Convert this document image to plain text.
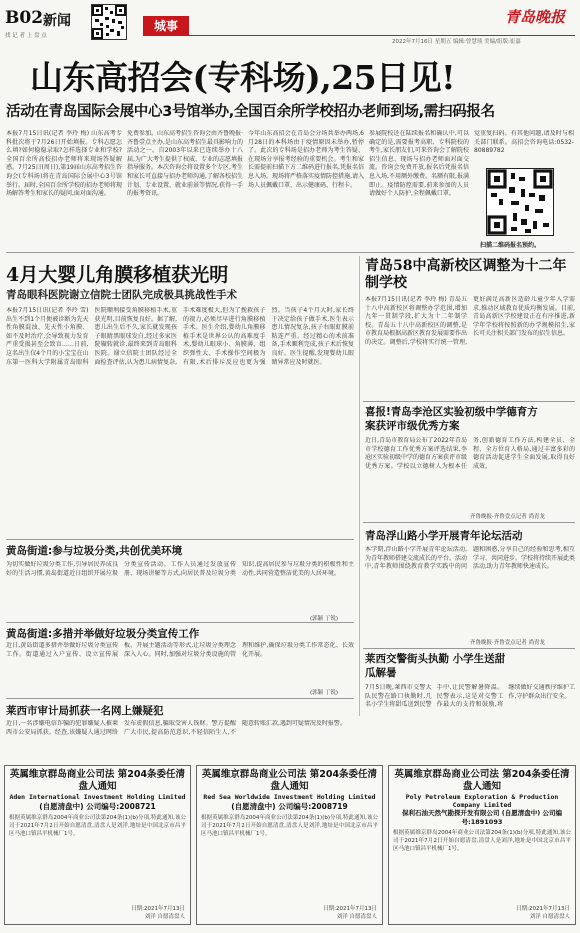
B02 新闻
找 记 者 上 盘 点
城事	青岛晚报
2022年7月16日 星期五 编辑:曾慧琰 美编/组版:崔嘉
山东高招会(专科场),25日见!
活动在青岛国际会展中心3号馆举办,全国百余所学校招办老师到场,需扫码报名
本报7月15日讯(记者 李玲 梅) 山东高考专科批次将于7月26日开始填报。专科志愿怎么填?如何稳稳录取?怎样选择专业和学校?全国百余所高校招办老师将来现场答疑解惑。7月25日(周日),第19届山东高考招生咨询会(专科场)将在青岛国际会展中心3号馆举行。届时,全国百余所学校的招办老师将现场解答考生和家长的疑问,面对面沟通。
免费参加。山东高考招生咨询会由齐鲁晚报·齐鲁壹点主办,是山东高考招生最具影响力的活动之一。自2003年以来已连续举办十八届,为广大考生提供了权威、专业的志愿填报指导服务。本次咨询会将设置多个专区,考生和家长可直接与招办老师沟通,了解各校招生计划、专业设置、就业前景等情况,获得一手的报考资讯。
今年山东高招会在青岛会分场共举办两场,6月28日的本科场由于疫情原因未举办,暂停了。此次的专科场是招办老师为考生答疑、在现场分享报考经验的重要机会。考生和家长需提前扫描下方二维码进行报名,凭报名信息入场。现场将严格落实疫情防控措施,请入场人员佩戴口罩、出示健康码、行程卡。
参展院校还在陆续报名和确认中,可以确定的是,需要报考高职、专科院校的考生,家长朋友们,可来咨询会了解院校招生信息、现场与招办老师面对面交流。咨询会免费开放,报名后凭报名信息入场,不用额外缴费。名额有限,报满即止。疫情防控需要,前来参加的人员请做好个人防护,全程佩戴口罩。
觉重复扫码。有其他问题,请及时与相关部门联系。高招会咨询电话:0532-80889782
扫描二维码报名预约。
4月大婴儿角膜移植获光明
青岛眼科医院谢立信院士团队完成极具挑战性手术
本报7月15日讯(记者 李玲 雪) 出生不到1个月便被诊断为先天性角膜混浊、先天性小角膜、如不及时治疗,会导致视力发育严重受损甚至会致盲……日前,这名出生仅4个月的小宝宝在山东第一医科大学附属青岛眼科医院顺利接受角膜移植手术,重获光明,目前恢复良好。据了解,患儿出生后不久,家长就发现孩子眼睛黑眼球发白,经过多家医院辗转就诊,最终来到青岛眼科医院。谢立信院士团队经过全面检查评估,认为患儿病情复杂,手术难度极大,但为了挽救孩子的视力,必须尽早进行角膜移植手术。医生介绍,婴幼儿角膜移植手术是世界公认的高难度手术,婴幼儿眼球小、角膜薄、组织弹性大、手术操作空间极为有限,术后排斥反应也更为强烈。当孩子4个月大时,家长终于决定给孩子做手术,医生表示患儿情况复杂,孩子右眼虹膜前粘连严重。经过精心的术前准备,手术顺利完成,孩子术后恢复良好。医生提醒,发现婴幼儿眼睛异常应及时就医。
青岛58中高新校区调整为十二年制学校
本报7月15日讯(记者 李玲 梅) 青岛五十八中高新校区将调整办学范围,增加九年一贯制学段,扩大为十二年制学校。青岛五十八中高新校区的调整,是市教育局根据高新区教育发展需要作出的决定。调整后,学校将实行统一管理,更好满足高新区适龄儿童少年入学需求,推动区域教育优质均衡发展。目前,青岛高新区学校建设正在有序推进,新学年学校将按照新的办学规模招生,家长可关注相关部门发布的招生信息。
喜报!青岛李沧区实验初级中学德育方案获评市级优秀方案
近日,青岛市教育局公布了2022年青岛市学校德育工作优秀方案评选结果,李沧区实验初级中学的德育方案获评市级优秀方案。学校以立德树人为根本任务,创新德育工作方法,构建全员、全程、全方位育人格局,通过丰富多彩的德育活动促进学生全面发展,取得良好成效。
齐鲁晚报·齐鲁壹点记者 尚青龙
青岛浮山路小学开展青年论坛活动
本学期,浮山路小学开展青年论坛活动,为青年教师搭建交流成长的平台。活动中,青年教师围绕教育教学实践中的问题和困惑,分享自己的经验和思考,相互学习、共同进步。学校将持续开展此类活动,助力青年教师快速成长。
齐鲁晚报·齐鲁壹点记者 尚青龙
莱西交警街头执勤 小学生送甜瓜解暑
7月5日晚,莱西市交警大队民警在路口执勤时,几名小学生将甜瓜送到民警手中,让民警解暑降温。民警表示,这是对交警工作最大的支持和鼓励,将继续做好交通秩序维护工作,守护群众出行安全。
黄岛街道:参与垃圾分类,共创优美环境
为切实做好垃圾分类工作,引导居民养成良好的生活习惯,黄岛街道近日组织开展垃圾分类宣传活动。工作人员通过发放宣传册、现场讲解等方式,向居民普及垃圾分类知识,提高居民参与垃圾分类的积极性和主动性,共同营造整洁优美的人居环境。
(郭颖 丁锐)
黄岛街道:多措并举做好垃圾分类宣传工作
近日,黄岛街道多措并举做好垃圾分类宣传工作。街道通过入户宣传、设立宣传展板、开展主题活动等形式,让垃圾分类理念深入人心。同时,加强对垃圾分类设施的管理和维护,确保垃圾分类工作常态化、长效化开展。
(郭颖 丁锐)
莱西市审计局抓获一名网上嫌疑犯
近日,一名涉嫌电信诈骗的犯罪嫌疑人被莱西市公安局抓获。经查,该嫌疑人通过网络发布虚假信息,骗取受害人钱财。警方提醒广大市民,提高防范意识,不轻信陌生人,不随意转账汇款,遇到可疑情况及时报警。
英属维京群岛商业公司法 第204条委任清盘人通知
Aden International Investment Holding Limited
(自愿清盘中) 公司编号:2008721
根据英属维京群岛2004年商业公司法第204条(1)(b)分项,特此通知,该公司于2021年7月2日开始自愿清盘,清盘人是刘洋,地址是中国北京市昌平区马池口镇昌平机械厂1号。
日期:2021年7月13日
刘洋 自愿清盘人
英属维京群岛商业公司法 第204条委任清盘人通知
Red Sea Worldwide Investment Holding Limited
(自愿清盘中) 公司编号:2008719
根据英属维京群岛2004年商业公司法第204条(1)(b)分项,特此通知,该公司于2021年7月2日开始自愿清盘,清盘人是刘洋,地址是中国北京市昌平区马池口镇昌平机械厂1号。
日期:2021年7月13日
刘洋 自愿清盘人
英属维京群岛商业公司法 第204条委任清盘人通知
Poly Petroleum Exploration & Production Company Limited
保利石油天然气勘探开发有限公司 (自愿清盘中) 公司编号:1891093
根据英属维京群岛2004年商业公司法第204条(1)(b)分项,特此通知,该公司于2021年7月2日开始自愿清盘,清盘人是刘洋,地址是中国北京市昌平区马池口镇昌平机械厂1号。
日期:2021年7月13日
刘洋 自愿清盘人
